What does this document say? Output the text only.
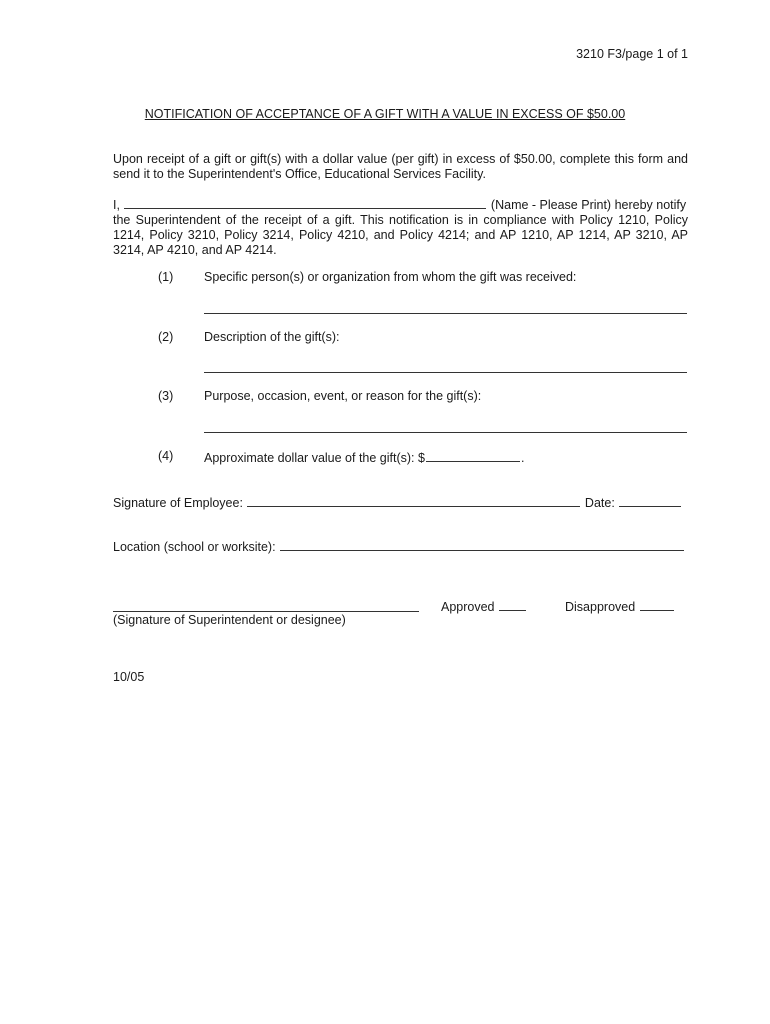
3210 F3/page 1 of 1
NOTIFICATION OF ACCEPTANCE OF A GIFT WITH A VALUE IN EXCESS OF $50.00
Upon receipt of a gift or gift(s) with a dollar value (per gift) in excess of $50.00, complete this form and send it to the Superintendent's Office, Educational Services Facility.
I,	(Name - Please Print) hereby notify
the Superintendent of the receipt of a gift. This notification is in compliance with Policy 1210, Policy 1214, Policy 3210, Policy 3214, Policy 4210, and Policy 4214; and AP 1210, AP 1214, AP 3210, AP 3214, AP 4210, and AP 4214.
(1) Specific person(s) or organization from whom the gift was received:
(2) Description of the gift(s):
(3) Purpose, occasion, event, or reason for the gift(s):
(4) Approximate dollar value of the gift(s): $	.
Signature of Employee:	Date:
Location (school or worksite):
Approved	Disapproved
(Signature of Superintendent or designee)
10/05
